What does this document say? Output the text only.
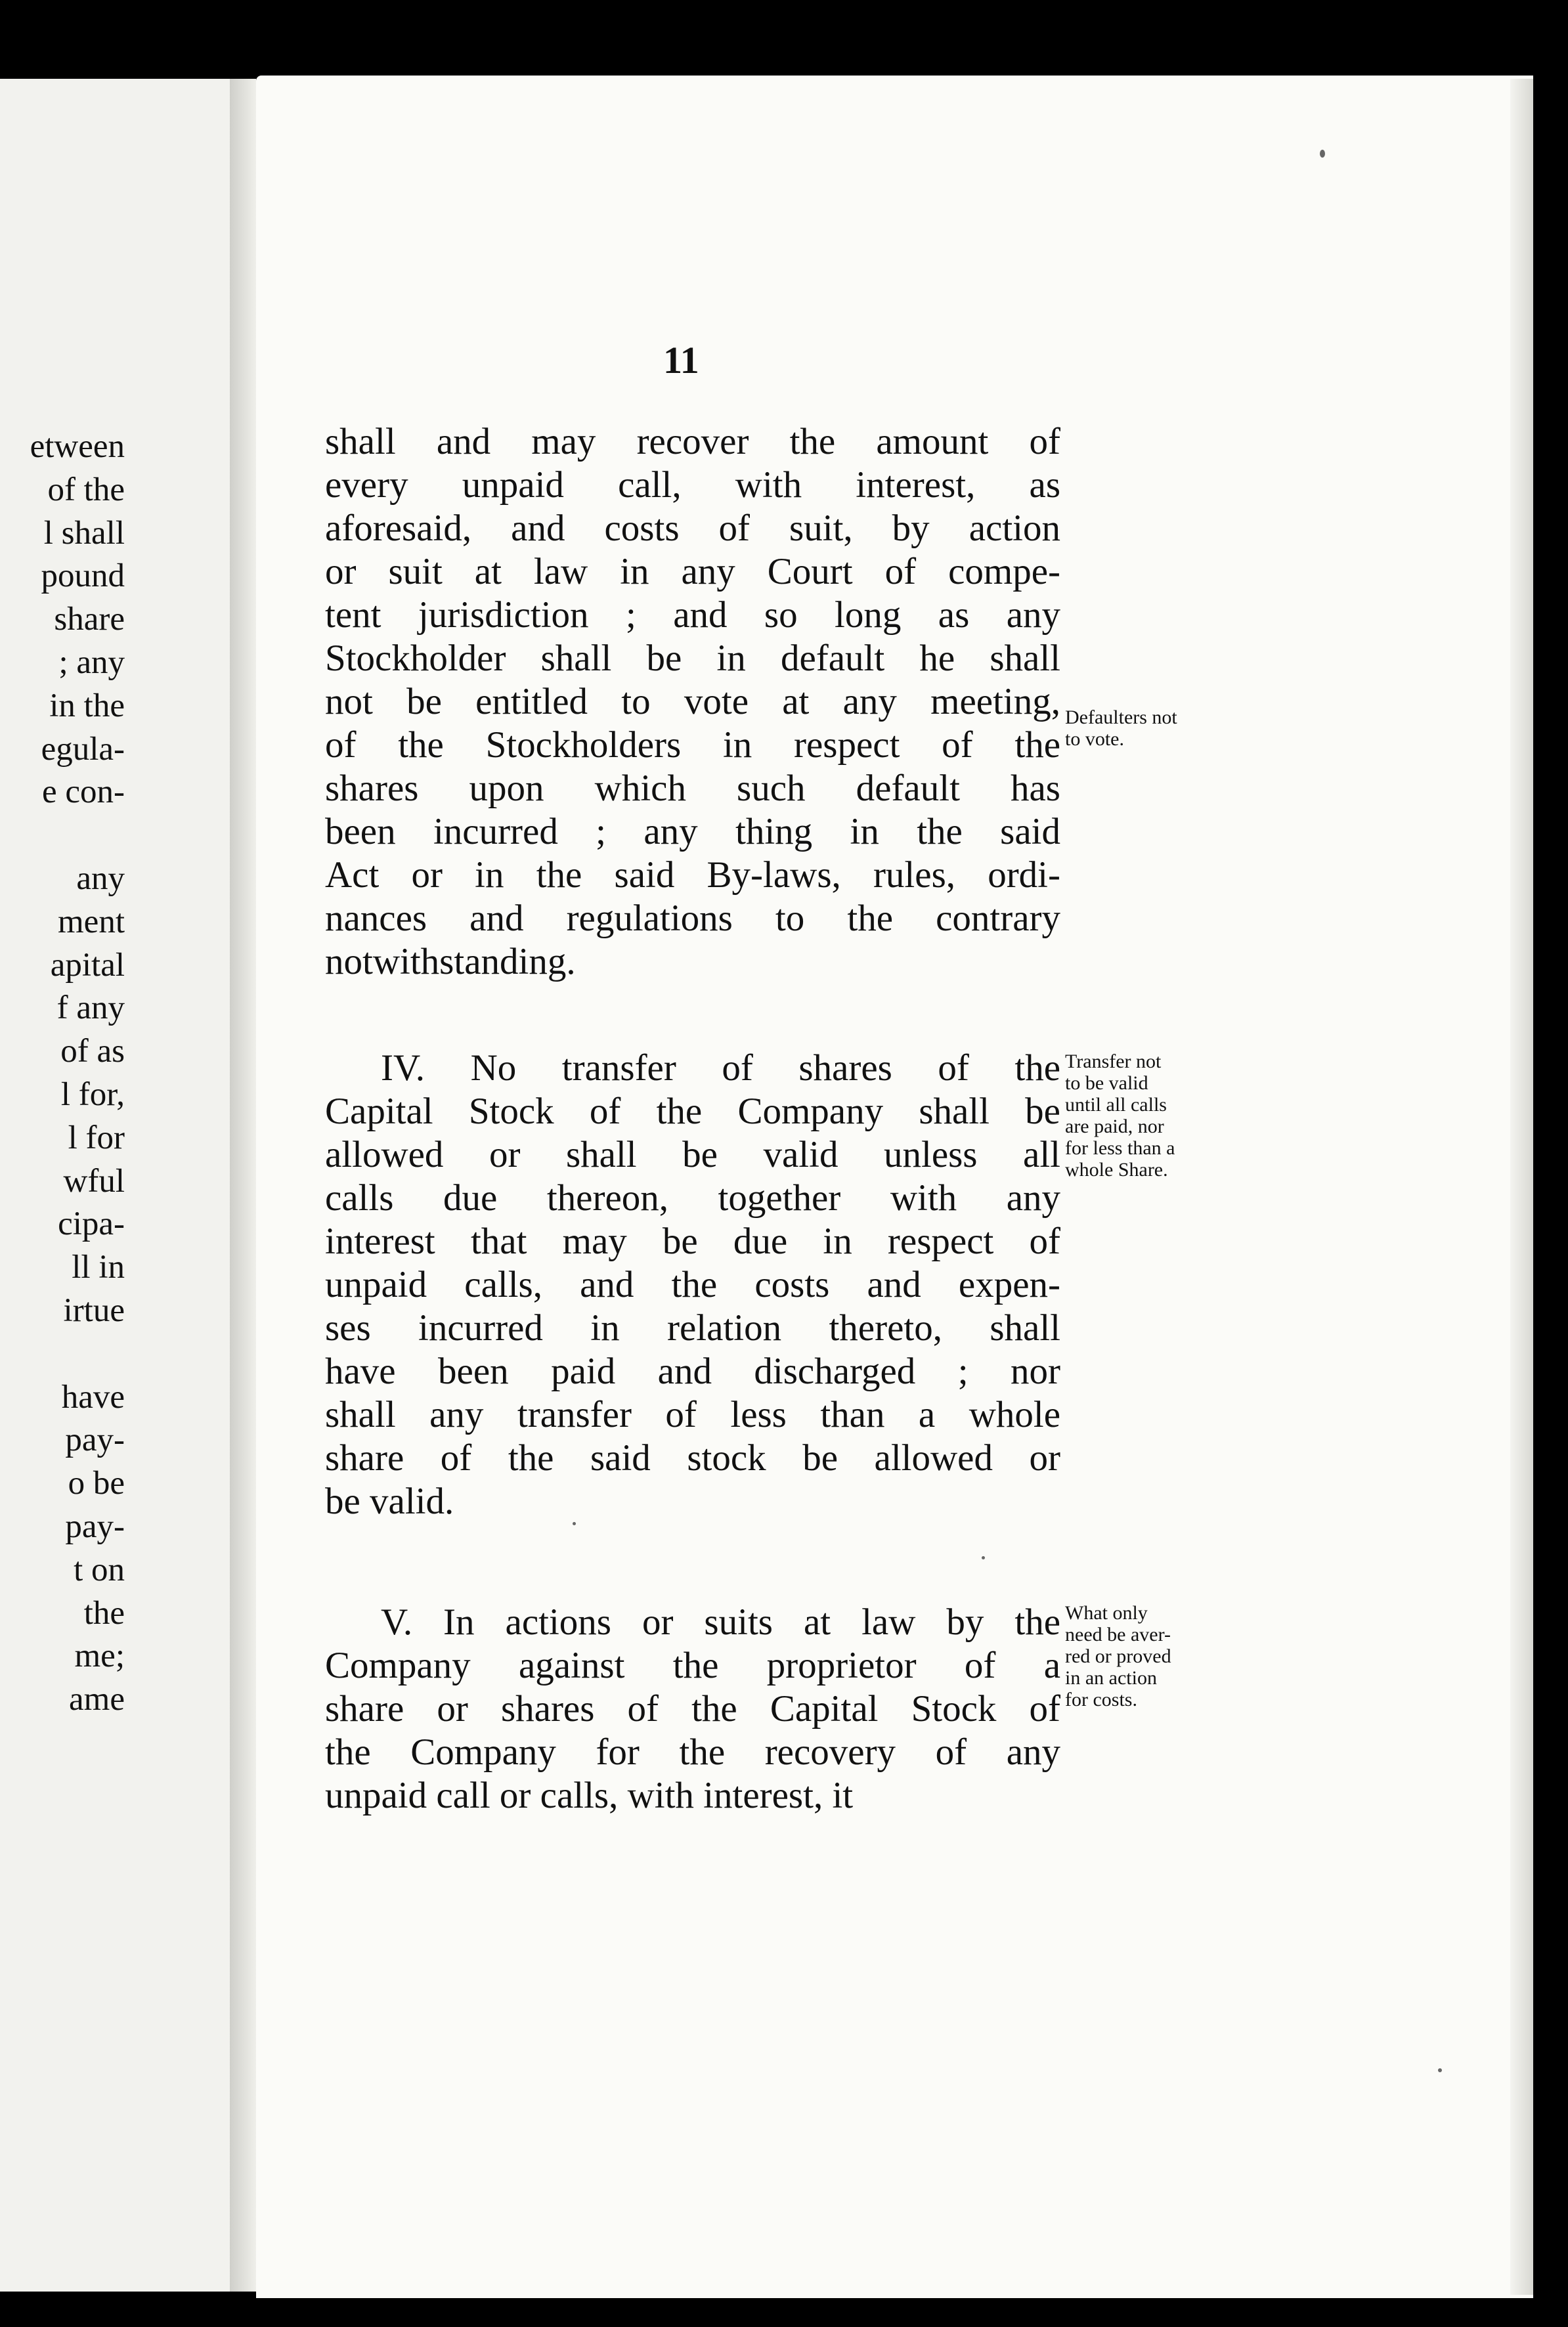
etween
of the
l shall
pound
share
; any
in the
egula-
e con-
any
ment
apital
f any
of as
l for,
l for
wful
cipa-
ll in
irtue
have
pay-
o be
pay-
t on
the
me;
ame
11
shall and may recover the amount of
every unpaid call, with interest, as
aforesaid, and costs of suit, by action
or suit at law in any Court of compe-
tent jurisdiction ; and so long as any
Stockholder shall be in default he shall
not be entitled to vote at any meeting,
of the Stockholders in respect of the
shares upon which such default has
been incurred ; any thing in the said
Act or in the said By-laws, rules, ordi-
nances and regulations to the contrary
notwithstanding.
Defaulters not
to vote.
IV. No transfer of shares of the
Capital Stock of the Company shall be
allowed or shall be valid unless all
calls due thereon, together with any
interest that may be due in respect of
unpaid calls, and the costs and expen-
ses incurred in relation thereto, shall
have been paid and discharged ; nor
shall any transfer of less than a whole
share of the said stock be allowed or
be valid.
Transfer not
to be valid
until all calls
are paid, nor
for less than a
whole Share.
V. In actions or suits at law by the
Company against the proprietor of a
share or shares of the Capital Stock of
the Company for the recovery of any
unpaid call or calls, with interest, it
What only
need be aver-
red or proved
in an action
for costs.
